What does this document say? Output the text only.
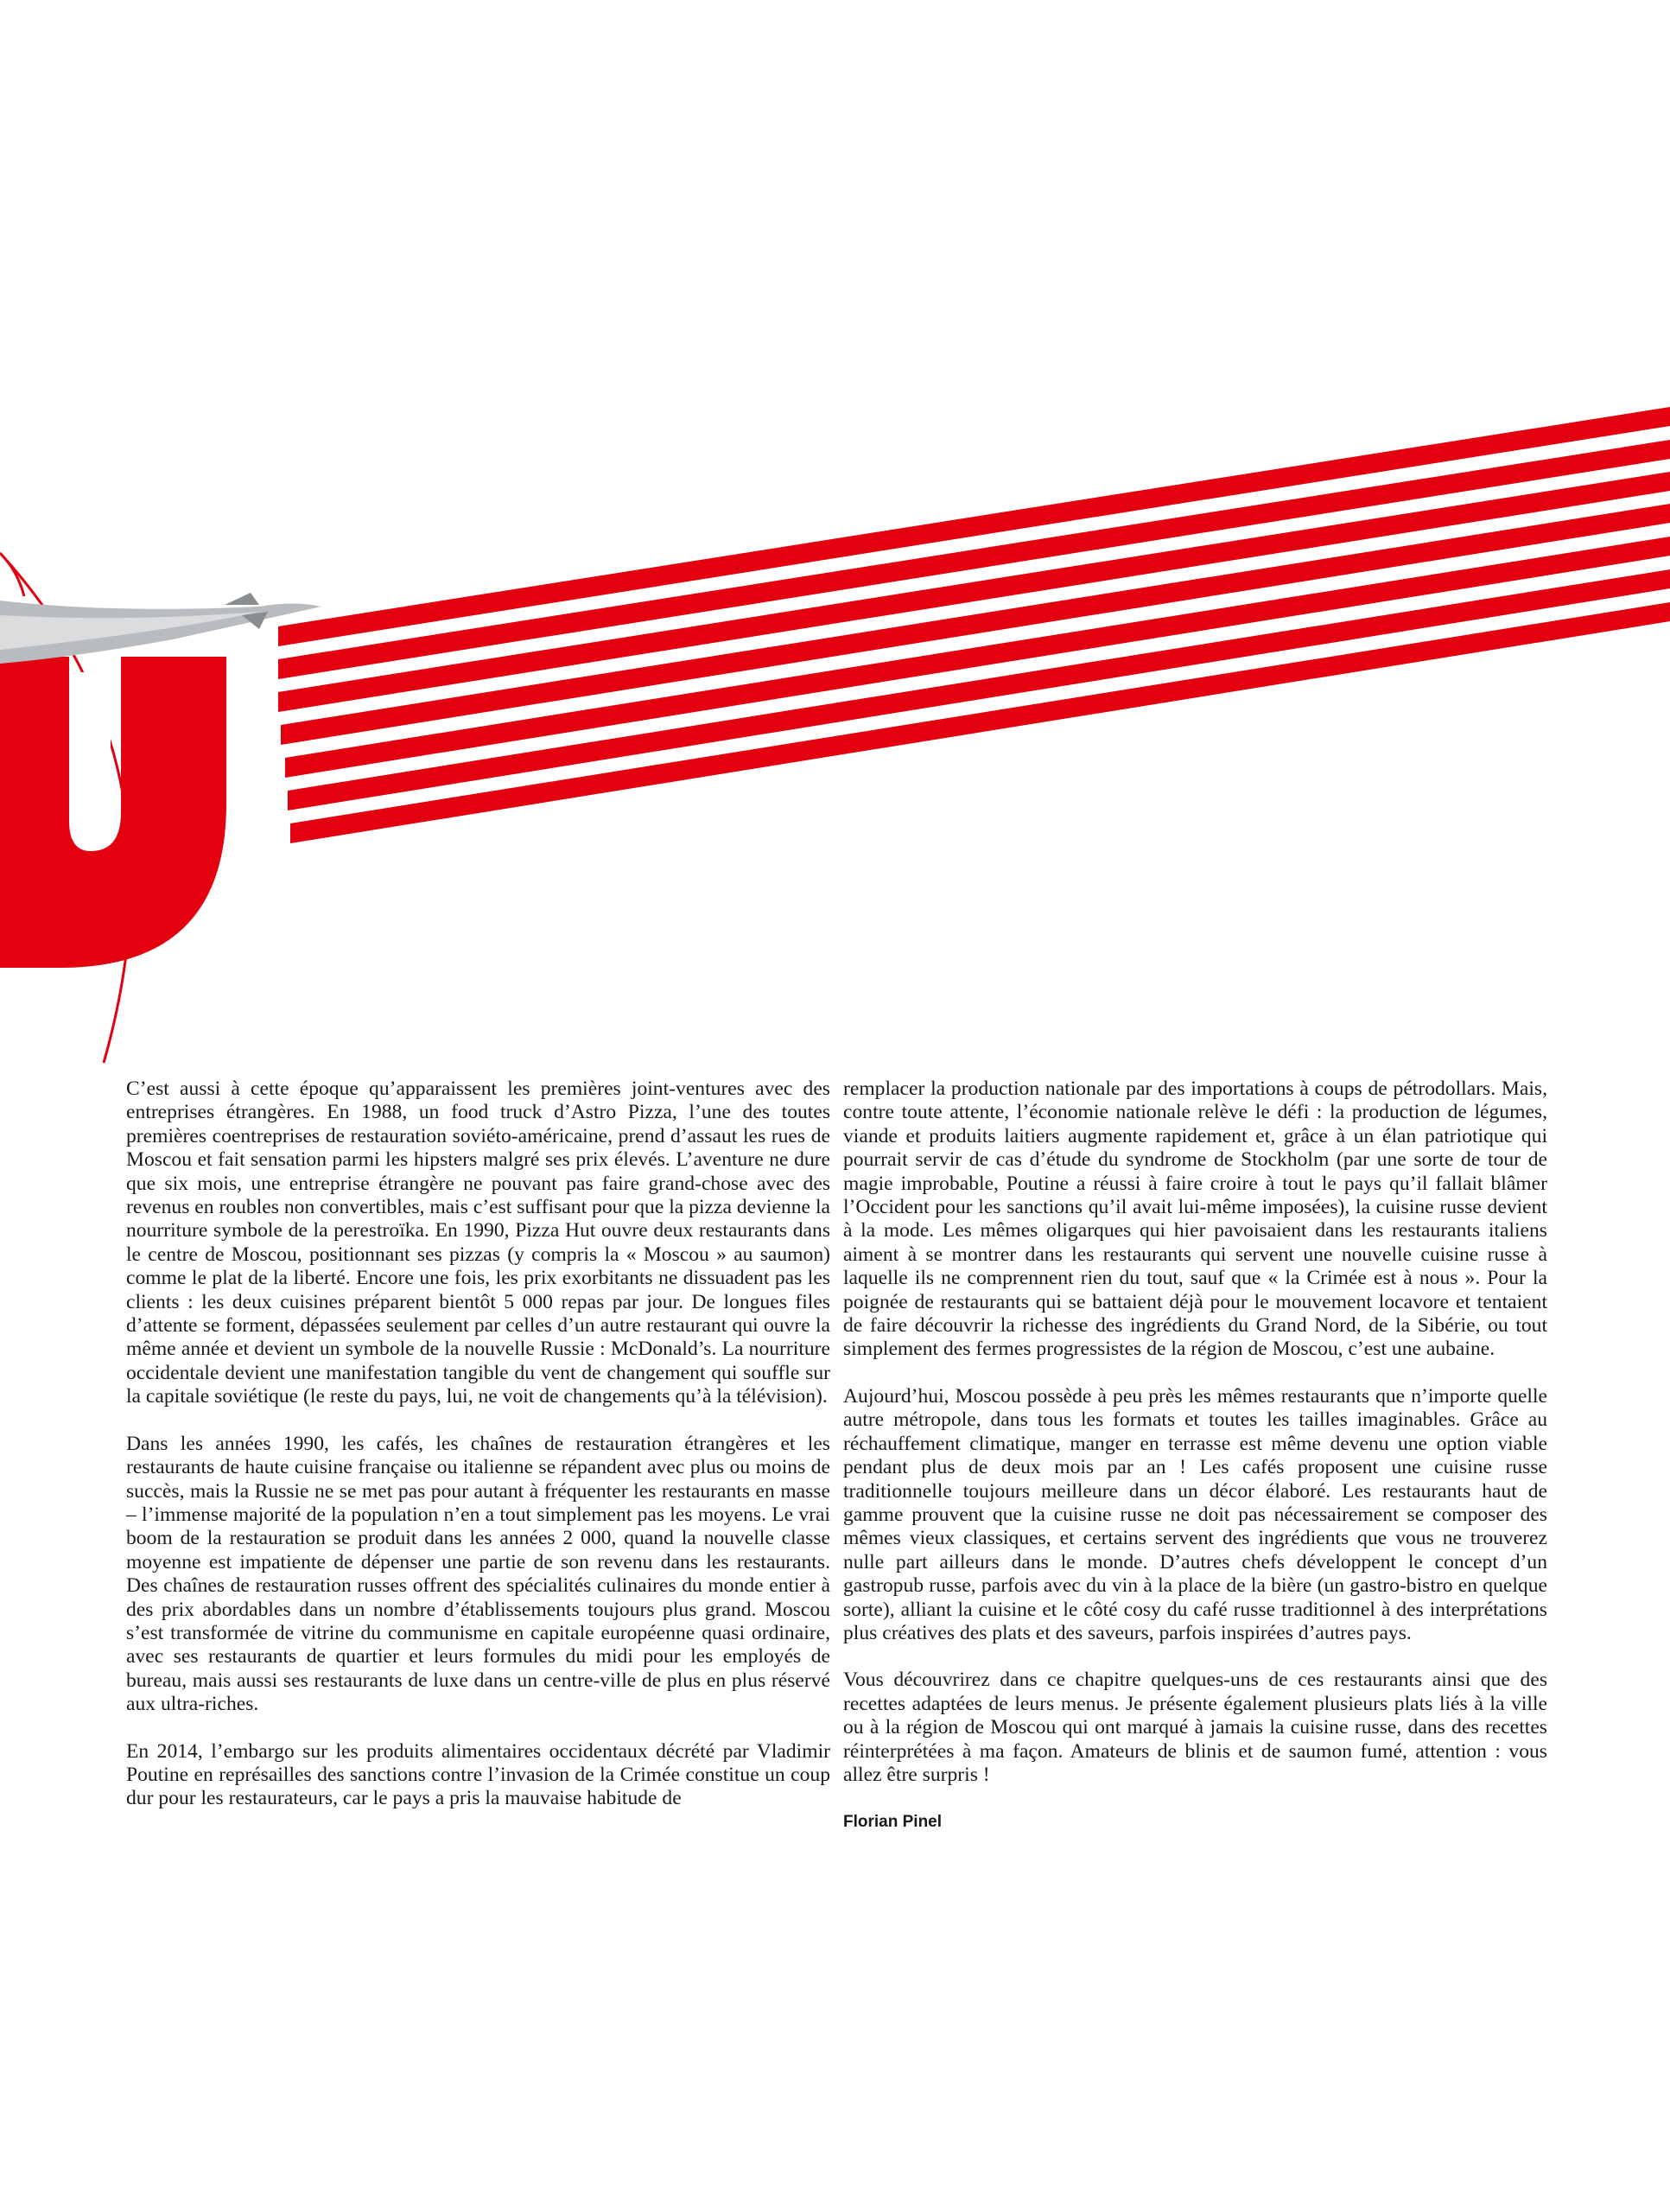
C’est aussi à cette époque qu’apparaissent les premières joint-ventures avec des entreprises étrangères. En 1988, un food truck d’Astro Pizza, l’une des toutes premières coentreprises de restauration soviéto-américaine, prend d’assaut les rues de Moscou et fait sensation parmi les hipsters malgré ses prix élevés. L’aventure ne dure que six mois, une entreprise étrangère ne pouvant pas faire grand-chose avec des revenus en roubles non convertibles, mais c’est suffisant pour que la pizza devienne la nourriture symbole de la perestroïka. En 1990, Pizza Hut ouvre deux restaurants dans le centre de Moscou, positionnant ses pizzas (y compris la « Moscou » au saumon) comme le plat de la liberté. Encore une fois, les prix exorbitants ne dissuadent pas les clients : les deux cuisines préparent bientôt 5 000 repas par jour. De longues files d’attente se forment, dépassées seulement par celles d’un autre restaurant qui ouvre la même année et devient un symbole de la nouvelle Russie : McDonald’s. La nourriture occidentale devient une manifestation tangible du vent de changement qui souffle sur la capitale soviétique (le reste du pays, lui, ne voit de changements qu’à la télévision).

Dans les années 1990, les cafés, les chaînes de restauration étrangères et les restaurants de haute cuisine française ou italienne se répandent avec plus ou moins de succès, mais la Russie ne se met pas pour autant à fréquenter les restaurants en masse – l’immense majorité de la population n’en a tout simplement pas les moyens. Le vrai boom de la restauration se produit dans les années 2 000, quand la nouvelle classe moyenne est impatiente de dépenser une partie de son revenu dans les restaurants. Des chaînes de restauration russes offrent des spécialités culinaires du monde entier à des prix abordables dans un nombre d’établissements toujours plus grand. Moscou s’est transformée de vitrine du communisme en capitale européenne quasi ordinaire, avec ses restaurants de quartier et leurs formules du midi pour les employés de bureau, mais aussi ses restaurants de luxe dans un centre-ville de plus en plus réservé aux ultra-riches.

En 2014, l’embargo sur les produits alimentaires occidentaux décrété par Vladimir Poutine en représailles des sanctions contre l’invasion de la Crimée constitue un coup dur pour les restaurateurs, car le pays a pris la mauvaise habitude de

remplacer la production nationale par des importations à coups de pétrodollars. Mais, contre toute attente, l’économie nationale relève le défi : la production de légumes, viande et produits laitiers augmente rapidement et, grâce à un élan patriotique qui pourrait servir de cas d’étude du syndrome de Stockholm (par une sorte de tour de magie improbable, Poutine a réussi à faire croire à tout le pays qu’il fallait blâmer l’Occident pour les sanctions qu’il avait lui-même imposées), la cuisine russe devient à la mode. Les mêmes oligarques qui hier pavoisaient dans les restaurants italiens aiment à se montrer dans les restaurants qui servent une nouvelle cuisine russe à laquelle ils ne comprennent rien du tout, sauf que « la Crimée est à nous ». Pour la poignée de restaurants qui se battaient déjà pour le mouvement locavore et tentaient de faire découvrir la richesse des ingrédients du Grand Nord, de la Sibérie, ou tout simplement des fermes progressistes de la région de Moscou, c’est une aubaine.

Aujourd’hui, Moscou possède à peu près les mêmes restaurants que n’importe quelle autre métropole, dans tous les formats et toutes les tailles imaginables. Grâce au réchauffement climatique, manger en terrasse est même devenu une option viable pendant plus de deux mois par an ! Les cafés proposent une cuisine russe traditionnelle toujours meilleure dans un décor élaboré. Les restaurants haut de gamme prouvent que la cuisine russe ne doit pas nécessairement se composer des mêmes vieux classiques, et certains servent des ingrédients que vous ne trouverez nulle part ailleurs dans le monde. D’autres chefs développent le concept d’un gastropub russe, parfois avec du vin à la place de la bière (un gastro-bistro en quelque sorte), alliant la cuisine et le côté cosy du café russe traditionnel à des interprétations plus créatives des plats et des saveurs, parfois inspirées d’autres pays.

Vous découvrirez dans ce chapitre quelques-uns de ces restaurants ainsi que des recettes adaptées de leurs menus. Je présente également plusieurs plats liés à la ville ou à la région de Moscou qui ont marqué à jamais la cuisine russe, dans des recettes réinterprétées à ma façon. Amateurs de blinis et de saumon fumé, attention : vous allez être surpris !

Florian Pinel
